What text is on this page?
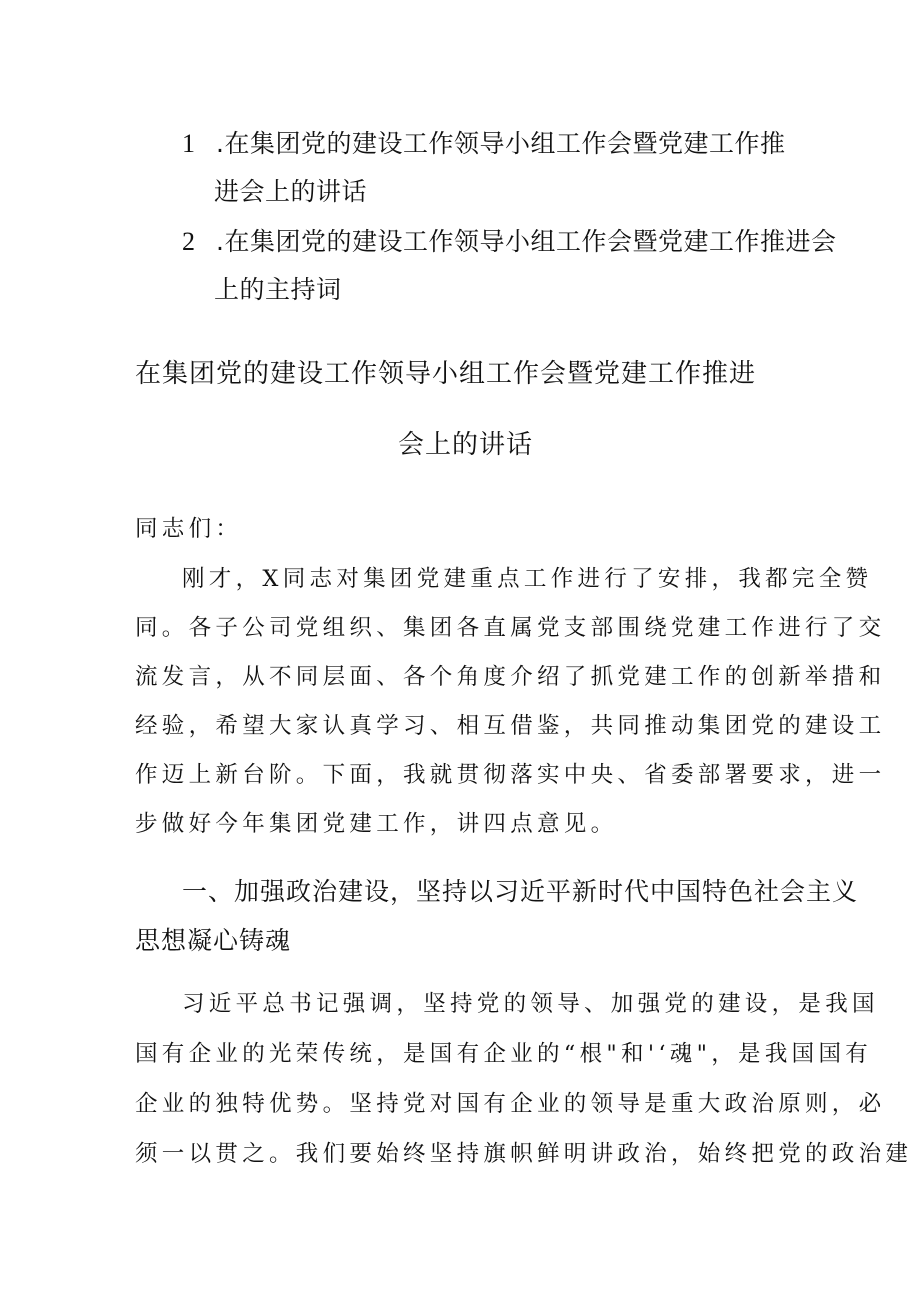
1 .在集团党的建设工作领导小组工作会暨党建工作推
进会上的讲话
2 .在集团党的建设工作领导小组工作会暨党建工作推进会
上的主持词
在集团党的建设工作领导小组工作会暨党建工作推进
会上的讲话
同志们：
刚才，X同志对集团党建重点工作进行了安排，我都完全赞
同。各子公司党组织、集团各直属党支部围绕党建工作进行了交
流发言，从不同层面、各个角度介绍了抓党建工作的创新举措和
经验，希望大家认真学习、相互借鉴，共同推动集团党的建设工
作迈上新台阶。下面，我就贯彻落实中央、省委部署要求，进一
步做好今年集团党建工作，讲四点意见。
一、加强政治建设，坚持以习近平新时代中国特色社会主义
思想凝心铸魂
习近平总书记强调，坚持党的领导、加强党的建设，是我国
国有企业的光荣传统，是国有企业的“根"和'‘魂"，是我国国有
企业的独特优势。坚持党对国有企业的领导是重大政治原则，必
须一以贯之。我们要始终坚持旗帜鲜明讲政治，始终把党的政治建
